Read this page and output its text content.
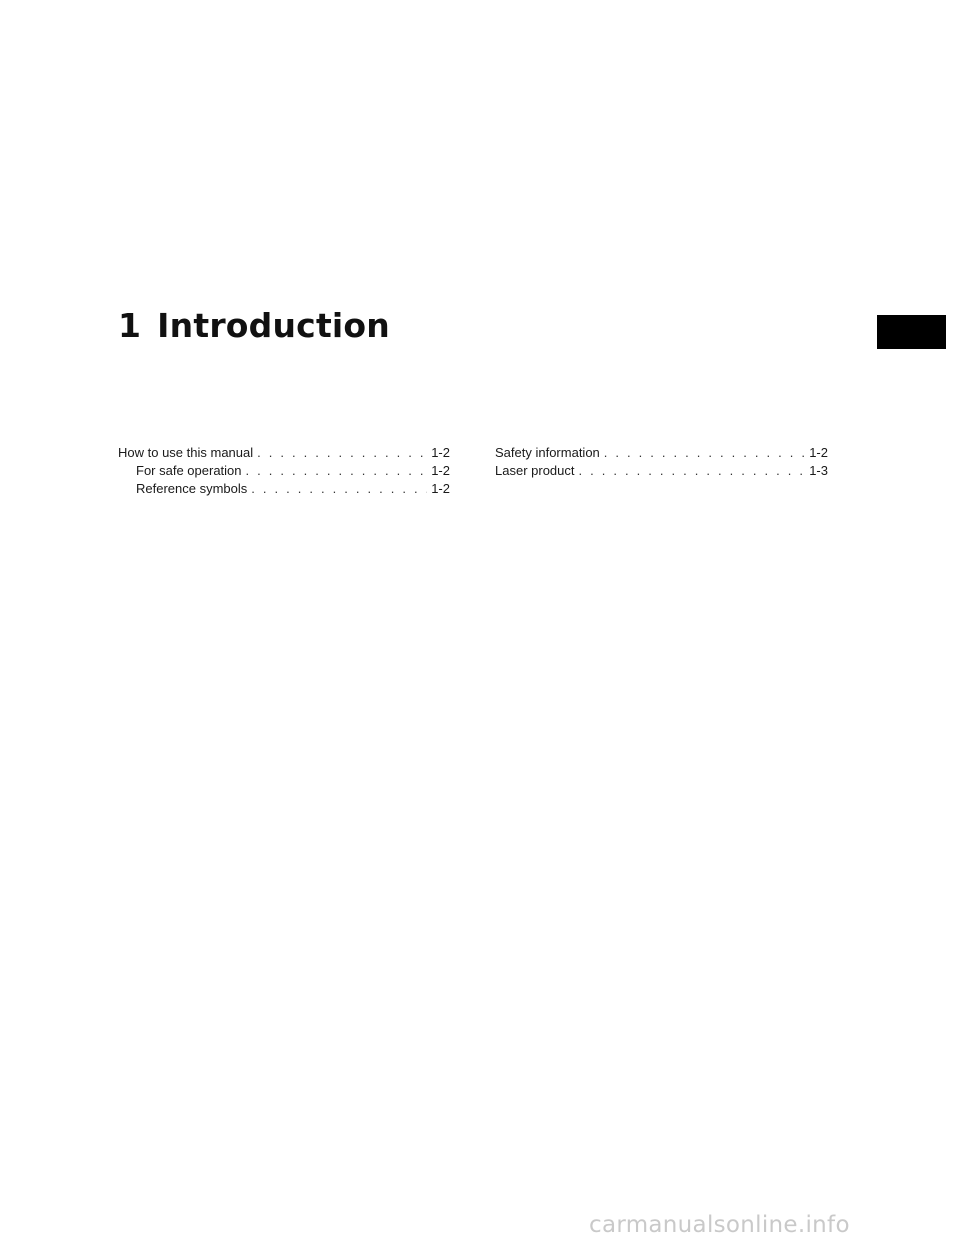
1 Introduction
How to use this manual . . .	1-2
For safe operation . . .	1-2
Reference symbols . . .	1-2
Safety information . . .	1-2
Laser product . . .	1-3
carmanualsonline.info
